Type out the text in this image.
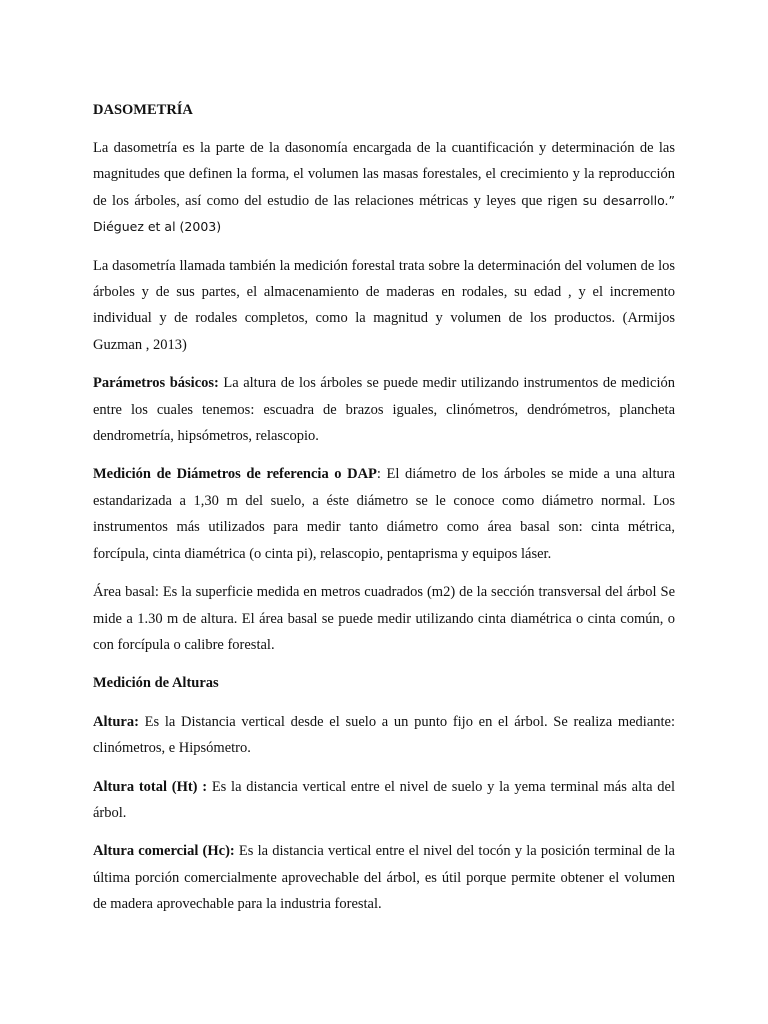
DASOMETRÍA

La dasometría es la parte de la dasonomía encargada de la cuantificación y determinación de las magnitudes que definen la forma, el volumen las masas forestales, el crecimiento y la reproducción de los árboles, así como del estudio de las relaciones métricas y leyes que rigen su desarrollo.” Diéguez et al (2003)

La dasometría llamada también la medición forestal trata sobre la determinación del volumen de los árboles y de sus partes, el almacenamiento de maderas en rodales, su edad , y el incremento individual y de rodales completos, como la magnitud y volumen de los productos. (Armijos Guzman , 2013)

Parámetros básicos: La altura de los árboles se puede medir utilizando instrumentos de medición entre los cuales tenemos: escuadra de brazos iguales, clinómetros, dendrómetros, plancheta dendrometría, hipsómetros, relascopio.

Medición de Diámetros de referencia o DAP: El diámetro de los árboles se mide a una altura estandarizada a 1,30 m del suelo, a éste diámetro se le conoce como diámetro normal. Los instrumentos más utilizados para medir tanto diámetro como área basal son: cinta métrica, forcípula, cinta diamétrica (o cinta pi), relascopio, pentaprisma y equipos láser.

Área basal: Es la superficie medida en metros cuadrados (m2) de la sección transversal del árbol Se mide a 1.30 m de altura. El área basal se puede medir utilizando cinta diamétrica o cinta común, o con forcípula o calibre forestal.

Medición de Alturas

Altura: Es la Distancia vertical desde el suelo a un punto fijo en el árbol. Se realiza mediante: clinómetros, e Hipsómetro.

Altura total (Ht) : Es la distancia vertical entre el nivel de suelo y la yema terminal más alta del árbol.

Altura comercial (Hc): Es la distancia vertical entre el nivel del tocón y la posición terminal de la última porción comercialmente aprovechable del árbol, es útil porque permite obtener el volumen de madera aprovechable para la industria forestal.
